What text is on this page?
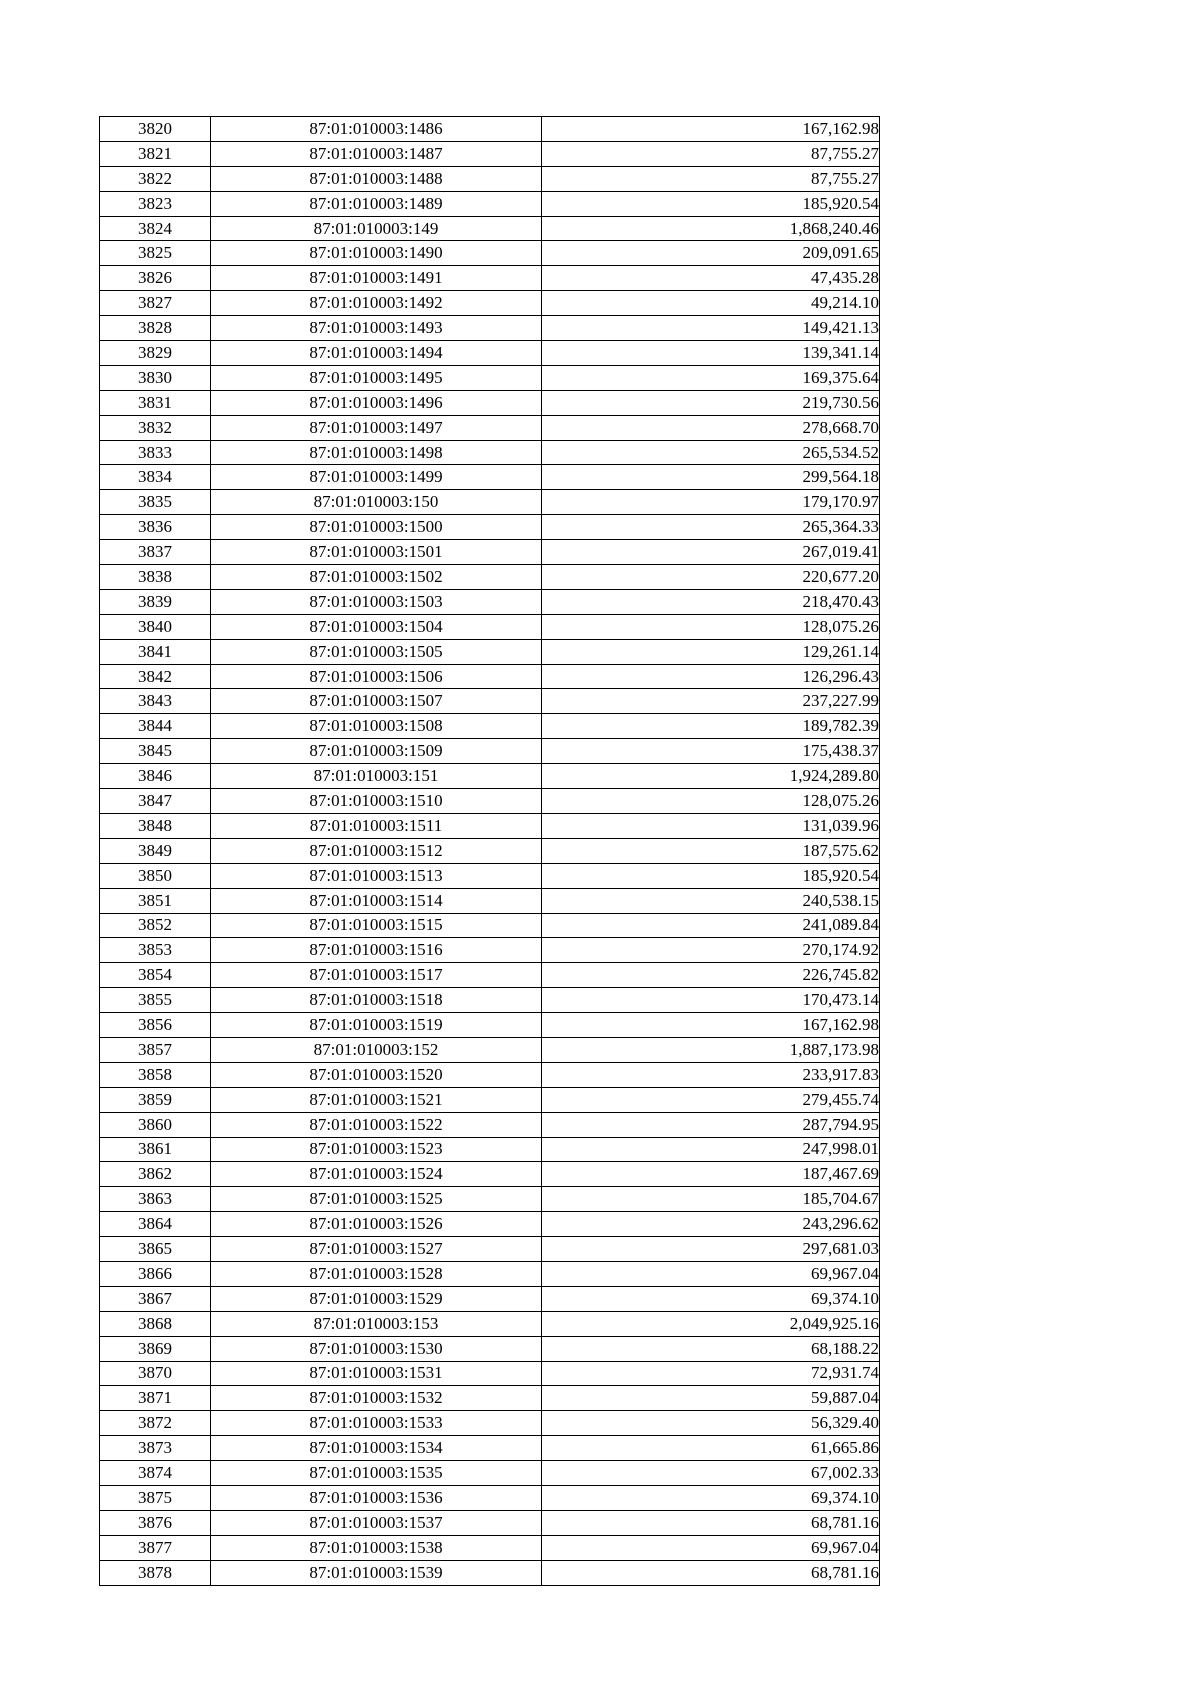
3820	87:01:010003:1486	167,162.98
3821	87:01:010003:1487	87,755.27
3822	87:01:010003:1488	87,755.27
3823	87:01:010003:1489	185,920.54
3824	87:01:010003:149	1,868,240.46
3825	87:01:010003:1490	209,091.65
3826	87:01:010003:1491	47,435.28
3827	87:01:010003:1492	49,214.10
3828	87:01:010003:1493	149,421.13
3829	87:01:010003:1494	139,341.14
3830	87:01:010003:1495	169,375.64
3831	87:01:010003:1496	219,730.56
3832	87:01:010003:1497	278,668.70
3833	87:01:010003:1498	265,534.52
3834	87:01:010003:1499	299,564.18
3835	87:01:010003:150	179,170.97
3836	87:01:010003:1500	265,364.33
3837	87:01:010003:1501	267,019.41
3838	87:01:010003:1502	220,677.20
3839	87:01:010003:1503	218,470.43
3840	87:01:010003:1504	128,075.26
3841	87:01:010003:1505	129,261.14
3842	87:01:010003:1506	126,296.43
3843	87:01:010003:1507	237,227.99
3844	87:01:010003:1508	189,782.39
3845	87:01:010003:1509	175,438.37
3846	87:01:010003:151	1,924,289.80
3847	87:01:010003:1510	128,075.26
3848	87:01:010003:1511	131,039.96
3849	87:01:010003:1512	187,575.62
3850	87:01:010003:1513	185,920.54
3851	87:01:010003:1514	240,538.15
3852	87:01:010003:1515	241,089.84
3853	87:01:010003:1516	270,174.92
3854	87:01:010003:1517	226,745.82
3855	87:01:010003:1518	170,473.14
3856	87:01:010003:1519	167,162.98
3857	87:01:010003:152	1,887,173.98
3858	87:01:010003:1520	233,917.83
3859	87:01:010003:1521	279,455.74
3860	87:01:010003:1522	287,794.95
3861	87:01:010003:1523	247,998.01
3862	87:01:010003:1524	187,467.69
3863	87:01:010003:1525	185,704.67
3864	87:01:010003:1526	243,296.62
3865	87:01:010003:1527	297,681.03
3866	87:01:010003:1528	69,967.04
3867	87:01:010003:1529	69,374.10
3868	87:01:010003:153	2,049,925.16
3869	87:01:010003:1530	68,188.22
3870	87:01:010003:1531	72,931.74
3871	87:01:010003:1532	59,887.04
3872	87:01:010003:1533	56,329.40
3873	87:01:010003:1534	61,665.86
3874	87:01:010003:1535	67,002.33
3875	87:01:010003:1536	69,374.10
3876	87:01:010003:1537	68,781.16
3877	87:01:010003:1538	69,967.04
3878	87:01:010003:1539	68,781.16
